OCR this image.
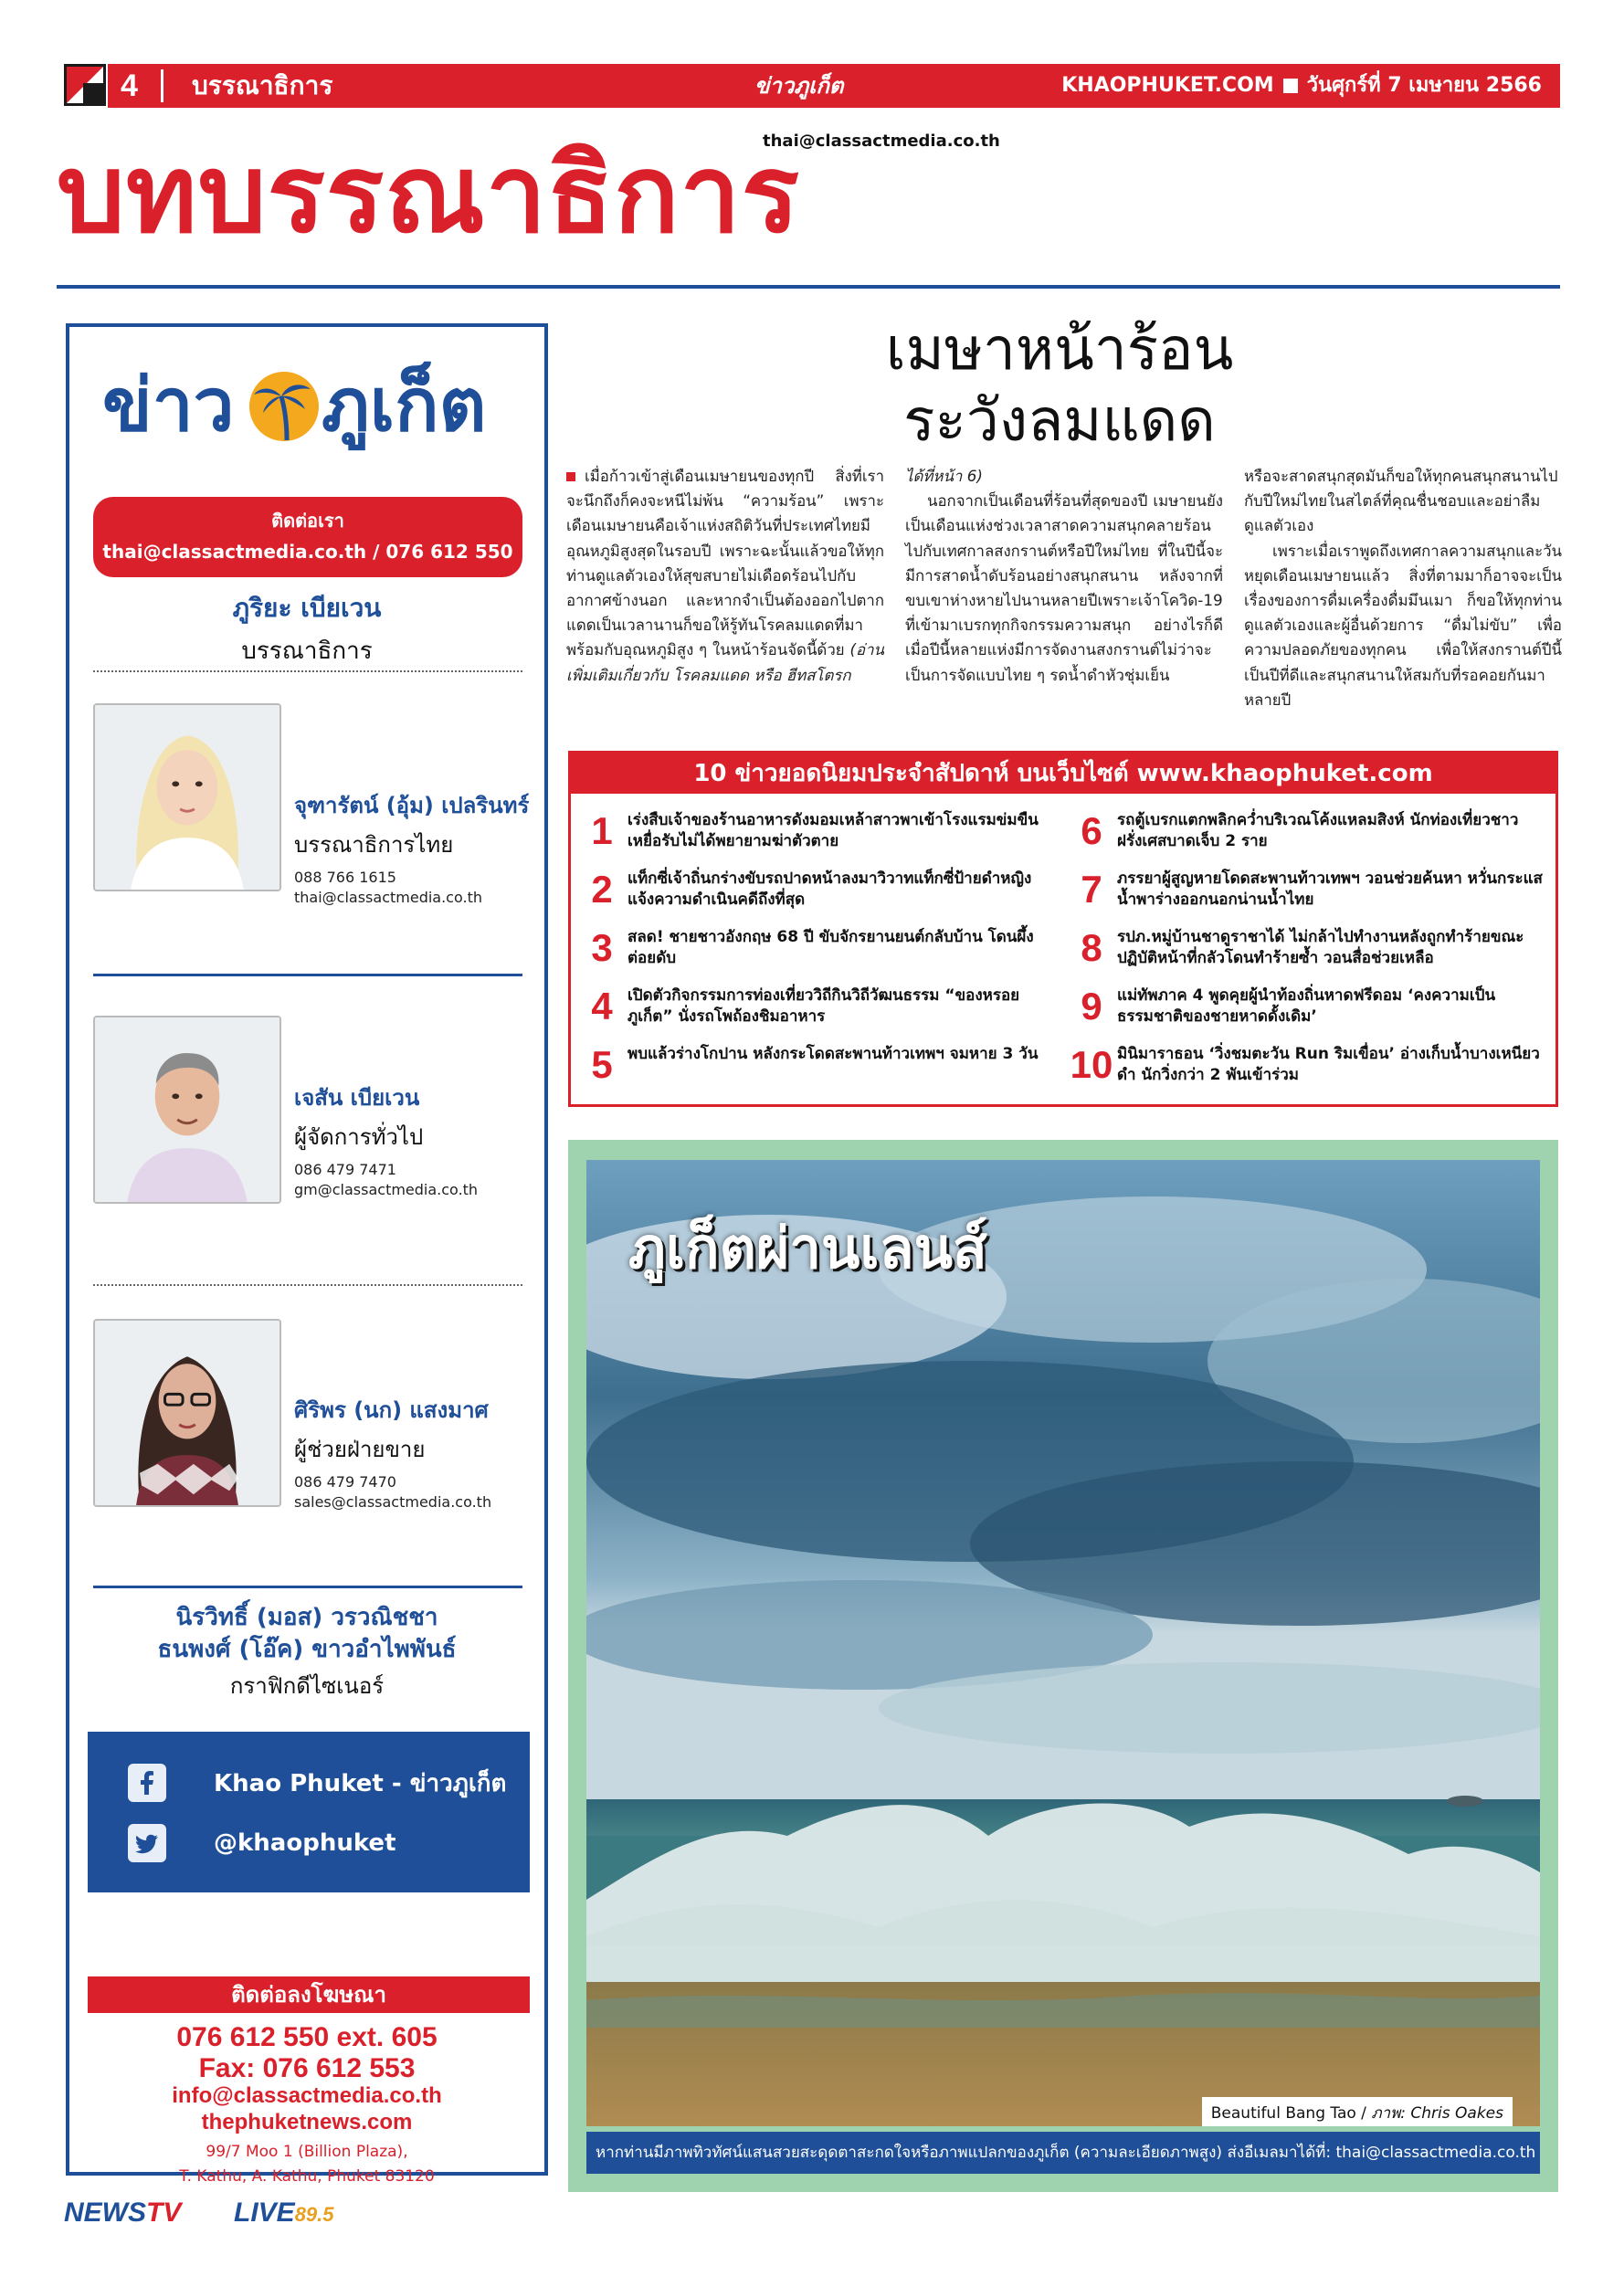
4 บรรณาธิการ	ข่าวภูเก็ต	KHAOPHUKET.COM วันศุกร์ที่ 7 เมษายน 2566
thai@classactmedia.co.th
บทบรรณาธิการ
ข่าว ภูเก็ต
ติดต่อเรา
thai@classactmedia.co.th / 076 612 550
ภูริยะ เบียเวน
บรรณาธิการ
จุฑารัตน์ (อุ้ม) เปลรินทร์
บรรณาธิการไทย
088 766 1615
thai@classactmedia.co.th
เจสัน เบียเวน
ผู้จัดการทั่วไป
086 479 7471
gm@classactmedia.co.th
ศิริพร (นก) แสงมาศ
ผู้ช่วยฝ่ายขาย
086 479 7470
sales@classactmedia.co.th
นิรวิทธิ์ (มอส) วรวณิชชา
ธนพงศ์ (โอ๊ค) ขาวอำไพพันธ์
กราฟิกดีไซเนอร์
Khao Phuket - ข่าวภูเก็ต
@khaophuket
ติดต่อลงโฆษณา
076 612 550 ext. 605
Fax: 076 612 553
info@classactmedia.co.th
thephuketnews.com
99/7 Moo 1 (Billion Plaza),
T. Kathu, A. Kathu, Phuket 83120
เมษาหน้าร้อน
ระวังลมแดด
เมื่อก้าวเข้าสู่เดือนเมษายนของทุกปี สิ่งที่เราจะนึกถึงก็คงจะหนีไม่พ้น “ความร้อน” เพราะเดือนเมษายนคือเจ้าแห่งสถิติวันที่ประเทศไทยมีอุณหภูมิสูงสุดในรอบปี เพราะฉะนั้นแล้วขอให้ทุกท่านดูแลตัวเองให้สุขสบายไม่เดือดร้อนไปกับอากาศข้างนอก และหากจำเป็นต้องออกไปตากแดดเป็นเวลานานก็ขอให้รู้ทันโรคลมแดดที่มาพร้อมกับอุณหภูมิสูง ๆ ในหน้าร้อนจัดนี้ด้วย (อ่านเพิ่มเติมเกี่ยวกับ โรคลมแดด หรือ ฮีทสโตรก
ได้ที่หน้า 6)
นอกจากเป็นเดือนที่ร้อนที่สุดของปี เมษายนยังเป็นเดือนแห่งช่วงเวลาสาดความสนุกคลายร้อนไปกับเทศกาลสงกรานต์หรือปีใหม่ไทย ที่ในปีนี้จะมีการสาดน้ำดับร้อนอย่างสนุกสนาน หลังจากที่ขบเขาห่างหายไปนานหลายปีเพราะเจ้าโควิด-19 ที่เข้ามาเบรกทุกกิจกรรมความสนุก อย่างไรก็ดี เมื่อปีนี้หลายแห่งมีการจัดงานสงกรานต์ไม่ว่าจะเป็นการจัดแบบไทย ๆ รดน้ำดำหัวชุ่มเย็น
หรือจะสาดสนุกสุดมันก็ขอให้ทุกคนสนุกสนานไปกับปีใหม่ไทยในสไตล์ที่คุณชื่นชอบและอย่าลืมดูแลตัวเอง
เพราะเมื่อเราพูดถึงเทศกาลความสนุกและวันหยุดเดือนเมษายนแล้ว สิ่งที่ตามมาก็อาจจะเป็นเรื่องของการดื่มเครื่องดื่มมึนเมา ก็ขอให้ทุกท่านดูแลตัวเองและผู้อื่นด้วยการ “ดื่มไม่ขับ” เพื่อความปลอดภัยของทุกคน เพื่อให้สงกรานต์ปีนี้เป็นปีที่ดีและสนุกสนานให้สมกับที่รอคอยกันมาหลายปี
10 ข่าวยอดนิยมประจำสัปดาห์ บนเว็บไซต์ www.khaophuket.com
1 เร่งสืบเจ้าของร้านอาหารดังมอมเหล้าสาวพาเข้าโรงแรมข่มขืน เหยื่อรับไม่ได้พยายามฆ่าตัวตาย
2 แท็กซี่เจ้าถิ่นกร่างขับรถปาดหน้าลงมาวิวาทแท็กซี่ป้ายดำหญิง แจ้งความดำเนินคดีถึงที่สุด
3 สลด! ชายชาวอังกฤษ 68 ปี ขับจักรยานยนต์กลับบ้าน โดนผึ้งต่อยดับ
4 เปิดตัวกิจกรรมการท่องเที่ยววิถีกินวิถีวัฒนธรรม “ของหรอยภูเก็ต” นั่งรถโพถ้องชิมอาหาร
5 พบแล้วร่างโกปาน หลังกระโดดสะพานท้าวเทพฯ จมหาย 3 วัน
6 รถตู้เบรกแตกพลิกคว่ำบริเวณโค้งแหลมสิงห์ นักท่องเที่ยวชาวฝรั่งเศสบาดเจ็บ 2 ราย
7 ภรรยาผู้สูญหายโดดสะพานท้าวเทพฯ วอนช่วยค้นหา หวั่นกระแสน้ำพาร่างออกนอกน่านน้ำไทย
8 รปภ.หมู่บ้านชาดูราชาได้ ไม่กล้าไปทำงานหลังถูกทำร้ายขณะปฏิบัติหน้าที่กลัวโดนทำร้ายซ้ำ วอนสื่อช่วยเหลือ
9 แม่ทัพภาค 4 พูดคุยผู้นำท้องถิ่นหาดฟรีดอม ‘คงความเป็นธรรมชาติของชายหาดดั้งเดิม’
10 มินิมาราธอน ‘วิ่งชมตะวัน Run ริมเขื่อน’ อ่างเก็บน้ำบางเหนียวดำ นักวิ่งกว่า 2 พันเข้าร่วม
ภูเก็ตผ่านเลนส์
Beautiful Bang Tao / ภาพ: Chris Oakes
หากท่านมีภาพทิวทัศน์แสนสวยสะดุดตาสะกดใจหรือภาพแปลกของภูเก็ต (ความละเอียดภาพสูง) ส่งอีเมลมาได้ที่: thai@classactmedia.co.th
NEWSTV LIVE89.5
